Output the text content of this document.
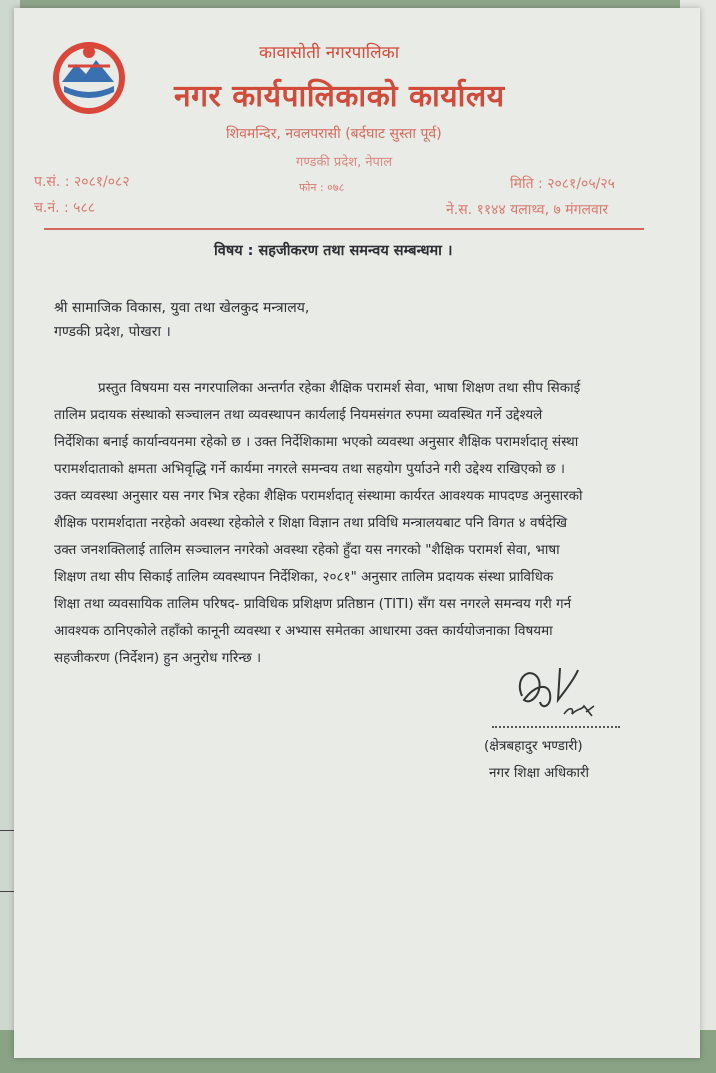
कावासोती नगरपालिका
नगर कार्यपालिकाको कार्यालय
शिवमन्दिर, नवलपरासी (बर्दघाट सुस्ता पूर्व)
गण्डकी प्रदेश, नेपाल
प.सं. : २०८१/०८२
च.नं. : ५८८
फोन : ०७८	मिति : २०८१/०५/२५
ने.स. ११४४ यलाथ्व, ७ मंगलवार
विषय : सहजीकरण तथा समन्वय सम्बन्धमा ।
श्री सामाजिक विकास, युवा तथा खेलकुद मन्त्रालय,
गण्डकी प्रदेश, पोखरा ।
प्रस्तुत विषयमा यस नगरपालिका अन्तर्गत रहेका शैक्षिक परामर्श सेवा, भाषा शिक्षण तथा सीप सिकाई
तालिम प्रदायक संस्थाको सञ्चालन तथा व्यवस्थापन कार्यलाई नियमसंगत रुपमा व्यवस्थित गर्ने उद्देश्यले
निर्देशिका बनाई कार्यान्वयनमा रहेको छ । उक्त निर्देशिकामा भएको व्यवस्था अनुसार शैक्षिक परामर्शदातृ संस्था
परामर्शदाताको क्षमता अभिवृद्धि गर्ने कार्यमा नगरले समन्वय तथा सहयोग पुर्याउने गरी उद्देश्य राखिएको छ ।
उक्त व्यवस्था अनुसार यस नगर भित्र रहेका शैक्षिक परामर्शदातृ संस्थामा कार्यरत आवश्यक मापदण्ड अनुसारको
शैक्षिक परामर्शदाता नरहेको अवस्था रहेकोले र शिक्षा विज्ञान तथा प्रविधि मन्त्रालयबाट पनि विगत ४ वर्षदेखि
उक्त जनशक्तिलाई तालिम सञ्चालन नगरेको अवस्था रहेको हुँदा यस नगरको "शैक्षिक परामर्श सेवा, भाषा
शिक्षण तथा सीप सिकाई तालिम व्यवस्थापन निर्देशिका, २०८१" अनुसार तालिम प्रदायक संस्था प्राविधिक
शिक्षा तथा व्यवसायिक तालिम परिषद- प्राविधिक प्रशिक्षण प्रतिष्ठान (TITI) सँग यस नगरले समन्वय गरी गर्न
आवश्यक ठानिएकोले तहाँको कानूनी व्यवस्था र अभ्यास समेतका आधारमा उक्त कार्ययोजनाका विषयमा
सहजीकरण (निर्देशन) हुन अनुरोध गरिन्छ ।
(क्षेत्रबहादुर भण्डारी)
नगर शिक्षा अधिकारी
